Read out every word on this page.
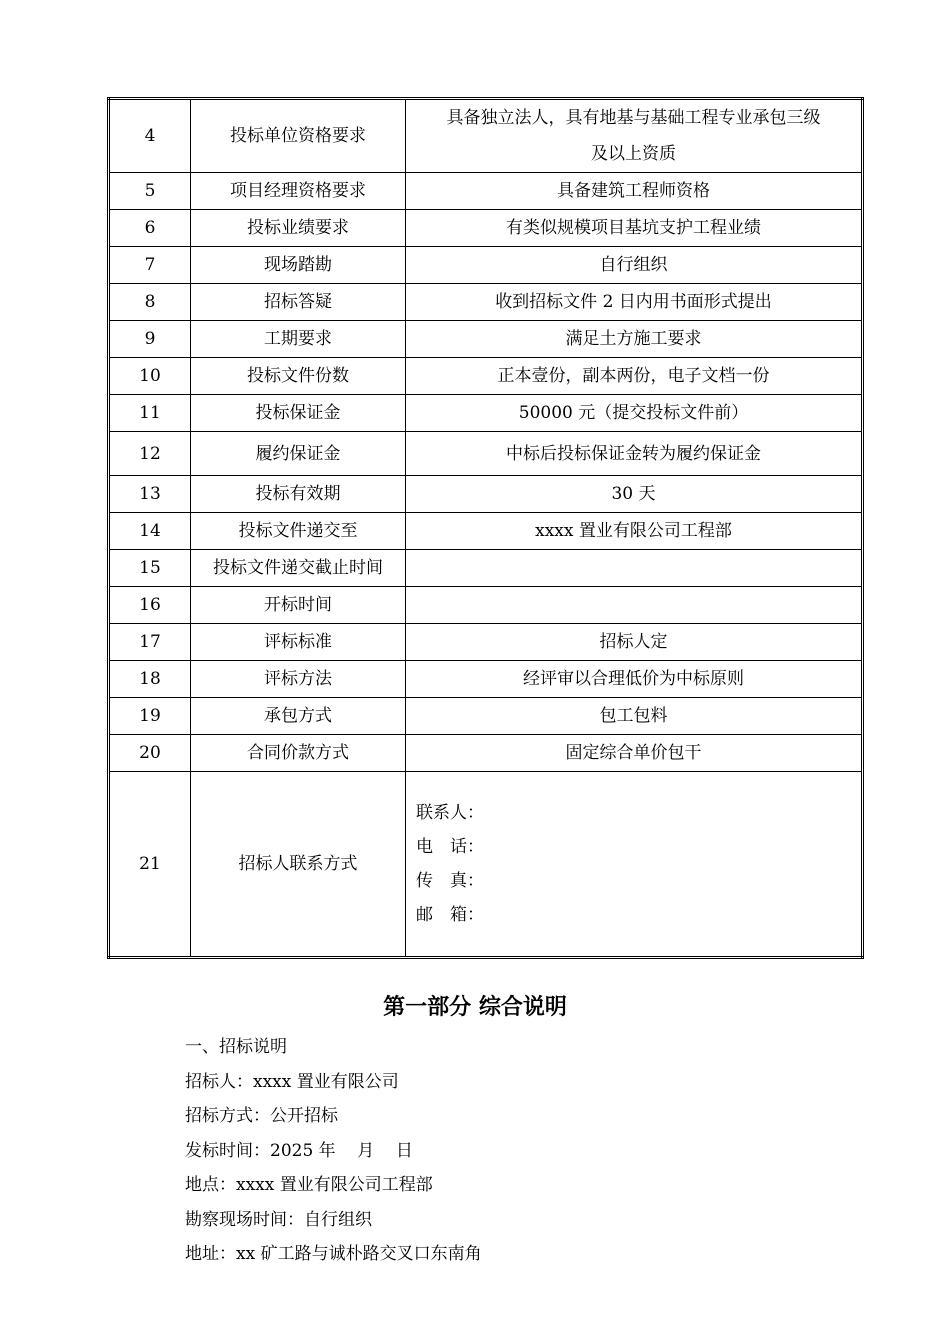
4	投标单位资格要求	具备独立法人，具有地基与基础工程专业承包三级
及以上资质

5	项目经理资格要求	具备建筑工程师资格
6	投标业绩要求	有类似规模项目基坑支护工程业绩
7	现场踏勘	自行组织
8	招标答疑	收到招标文件 2 日内用书面形式提出
9	工期要求	满足土方施工要求
10	投标文件份数	正本壹份，副本两份，电子文档一份
11	投标保证金	50000 元（提交投标文件前）
12	履约保证金	中标后投标保证金转为履约保证金
13	投标有效期	30 天
14	投标文件递交至	xxxx 置业有限公司工程部
15	投标文件递交截止时间	
16	开标时间	
17	评标标准	招标人定
18	评标方法	经评审以合理低价为中标原则
19	承包方式	包工包料
20	合同价款方式	固定综合单价包干
21	招标人联系方式	联系人：
电　话：
传　真：
邮　箱：
第一部分 综合说明
一、招标说明
招标人：xxxx 置业有限公司
招标方式：公开招标
发标时间：2025 年    月    日
地点：xxxx 置业有限公司工程部
勘察现场时间：自行组织
地址：xx 矿工路与诚朴路交叉口东南角
